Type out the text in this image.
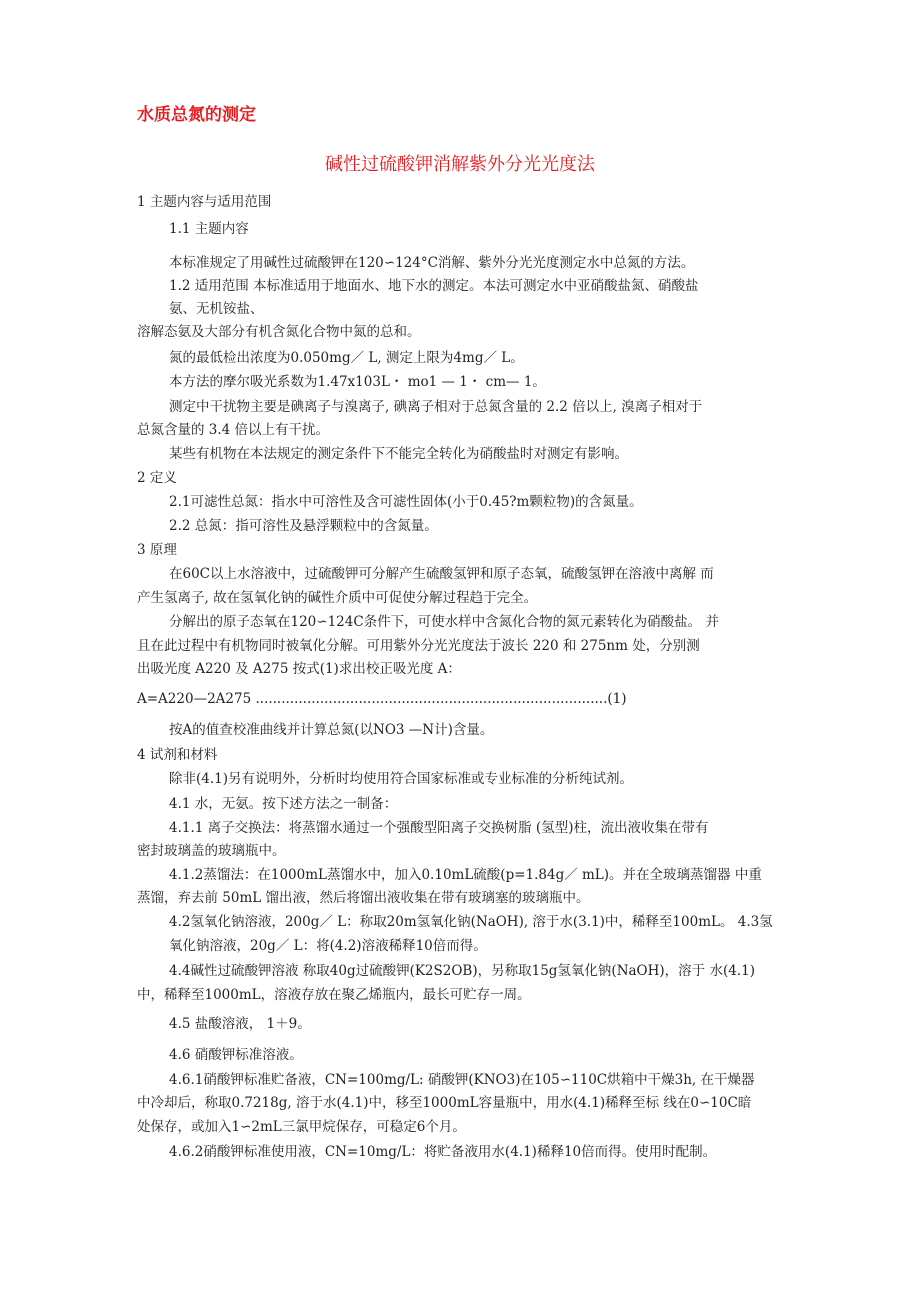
水质总氮的测定
碱性过硫酸钾消解紫外分光光度法
1 主题内容与适用范围
1.1 主题内容
本标准规定了用碱性过硫酸钾在120∽124°C消解、紫外分光光度测定水中总氮的方法。
1.2 适用范围 本标准适用于地面水、地下水的测定。本法可测定水中亚硝酸盐氮、硝酸盐
氨、无机铵盐、
溶解态氨及大部分有机含氮化合物中氮的总和。
氮的最低检出浓度为0.050mg／ L, 测定上限为4mg／ L。
本方法的摩尔吸光系数为1.47x103L・ mo1 — 1・ cm— 1。
测定中干扰物主要是碘离子与溴离子, 碘离子相对于总氮含量的 2.2 倍以上, 溴离子相对于
总氮含量的 3.4 倍以上有干扰。
某些有机物在本法规定的测定条件下不能完全转化为硝酸盐时对测定有影响。
2 定义
2.1可滤性总氮：指水中可溶性及含可滤性固体(小于0.45?m颗粒物)的含氮量。
2.2 总氮：指可溶性及悬浮颗粒中的含氮量。
3 原理
在60C以上水溶液中，过硫酸钾可分解产生硫酸氢钾和原子态氧，硫酸氢钾在溶液中离解 而
产生氢离子, 故在氢氧化钠的碱性介质中可促使分解过程趋于完全。
分解出的原子态氧在120∽124C条件下，可使水样中含氮化合物的氮元素转化为硝酸盐。 并
且在此过程中有机物同时被氧化分解。可用紫外分光光度法于波长 220 和 275nm 处，分别测
出吸光度 A220 及 A275 按式(1)求出校正吸光度 A：
A=A220—2A275 ..................................................................................(1)
按A的值查校准曲线并计算总氮(以NO3 —N计)含量。
4 试剂和材料
除非(4.1)另有说明外，分析时均使用符合国家标准或专业标准的分析纯试剂。
4.1 水，无氨。按下述方法之一制备：
4.1.1 离子交换法：将蒸馏水通过一个强酸型阳离子交换树脂 (氢型)柱，流出液收集在带有
密封玻璃盖的玻璃瓶中。
4.1.2蒸馏法：在1000mL蒸馏水中，加入0.10mL硫酸(p=1.84g／ mL)。并在全玻璃蒸馏器 中重
蒸馏，弃去前 50mL 馏出液，然后将馏出液收集在带有玻璃塞的玻璃瓶中。
4.2氢氧化钠溶液，200g／ L：称取20m氢氧化钠(NaOH), 溶于水(3.1)中，稀释至100mL。 4.3氢
氧化钠溶液，20g／ L：将(4.2)溶液稀释10倍而得。
4.4碱性过硫酸钾溶液 称取40g过硫酸钾(K2S2OB)，另称取15g氢氧化钠(NaOH)，溶于 水(4.1)
中，稀释至1000mL，溶液存放在聚乙烯瓶内，最长可贮存一周。
4.5 盐酸溶液， 1＋9。
4.6 硝酸钾标准溶液。
4.6.1硝酸钾标准贮备液，CN=100mg/L: 硝酸钾(KNO3)在105∽110C烘箱中干燥3h, 在干燥器
中冷却后，称取0.7218g, 溶于水(4.1)中，移至1000mL容量瓶中，用水(4.1)稀释至标 线在0∽10C暗
处保存，或加入1∽2mL三氯甲烷保存，可稳定6个月。
4.6.2硝酸钾标准使用液，CN=10mg/L：将贮备液用水(4.1)稀释10倍而得。使用时配制。
